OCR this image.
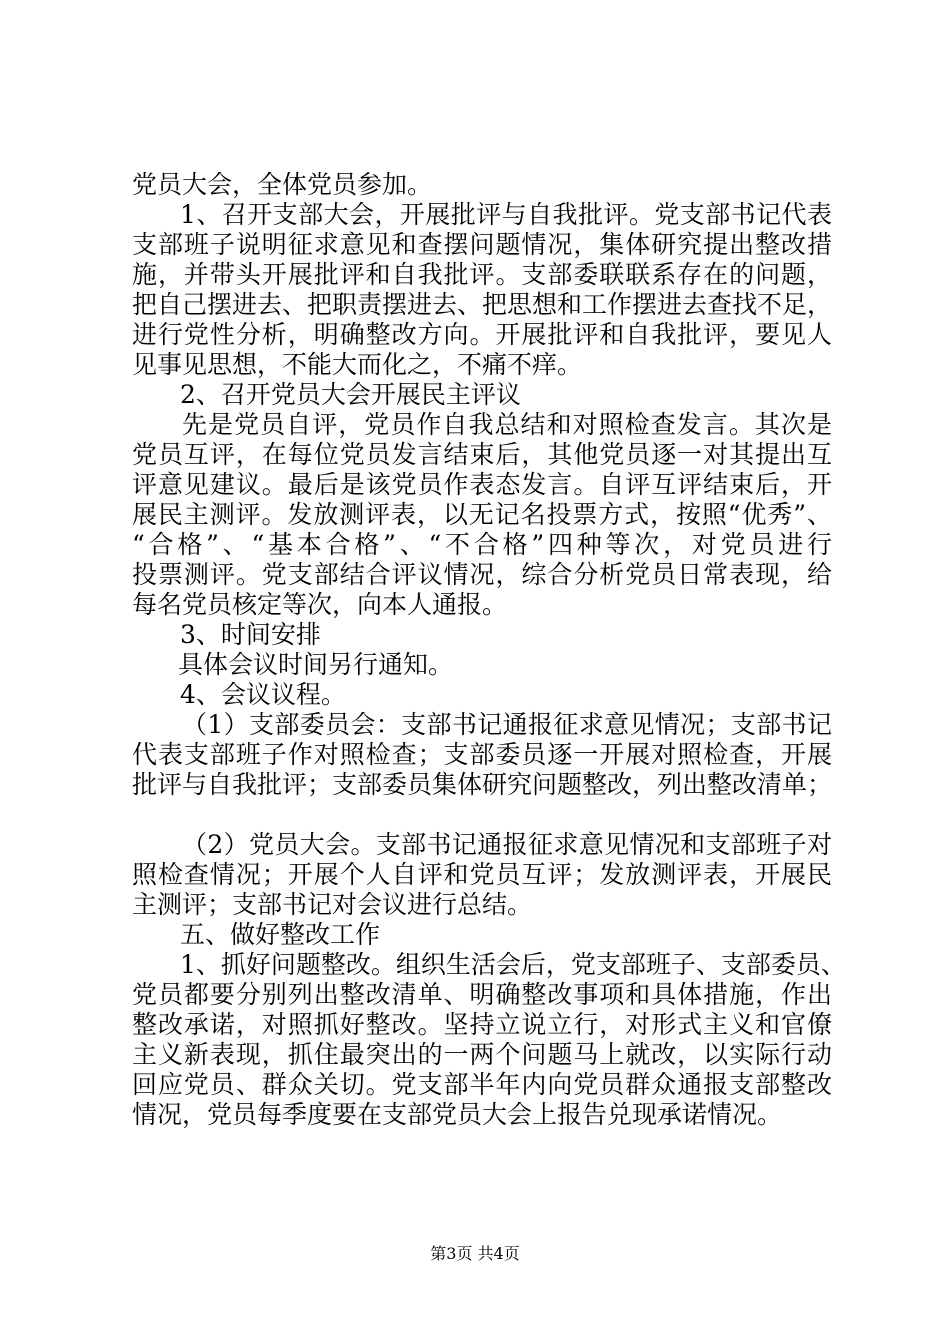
党员大会，全体党员参加。
1、召开支部大会，开展批评与自我批评。党支部书记代表
支部班子说明征求意见和查摆问题情况，集体研究提出整改措
施，并带头开展批评和自我批评。支部委联联系存在的问题，
把自己摆进去、把职责摆进去、把思想和工作摆进去查找不足，
进行党性分析，明确整改方向。开展批评和自我批评，要见人
见事见思想，不能大而化之，不痛不痒。
2、召开党员大会开展民主评议
先是党员自评，党员作自我总结和对照检查发言。其次是
党员互评，在每位党员发言结束后，其他党员逐一对其提出互
评意见建议。最后是该党员作表态发言。自评互评结束后，开
展民主测评。发放测评表，以无记名投票方式，按照“优秀”、
“合格”、“基本合格”、“不合格”四种等次，对党员进行
投票测评。党支部结合评议情况，综合分析党员日常表现，给
每名党员核定等次，向本人通报。
3、时间安排
具体会议时间另行通知。
4、会议议程。
（1）支部委员会：支部书记通报征求意见情况；支部书记
代表支部班子作对照检查；支部委员逐一开展对照检查，开展
批评与自我批评；支部委员集体研究问题整改，列出整改清单；
（2）党员大会。支部书记通报征求意见情况和支部班子对
照检查情况；开展个人自评和党员互评；发放测评表，开展民
主测评；支部书记对会议进行总结。
五、做好整改工作
1、抓好问题整改。组织生活会后，党支部班子、支部委员、
党员都要分别列出整改清单、明确整改事项和具体措施，作出
整改承诺，对照抓好整改。坚持立说立行，对形式主义和官僚
主义新表现，抓住最突出的一两个问题马上就改，以实际行动
回应党员、群众关切。党支部半年内向党员群众通报支部整改
情况，党员每季度要在支部党员大会上报告兑现承诺情况。
第3页 共4页
